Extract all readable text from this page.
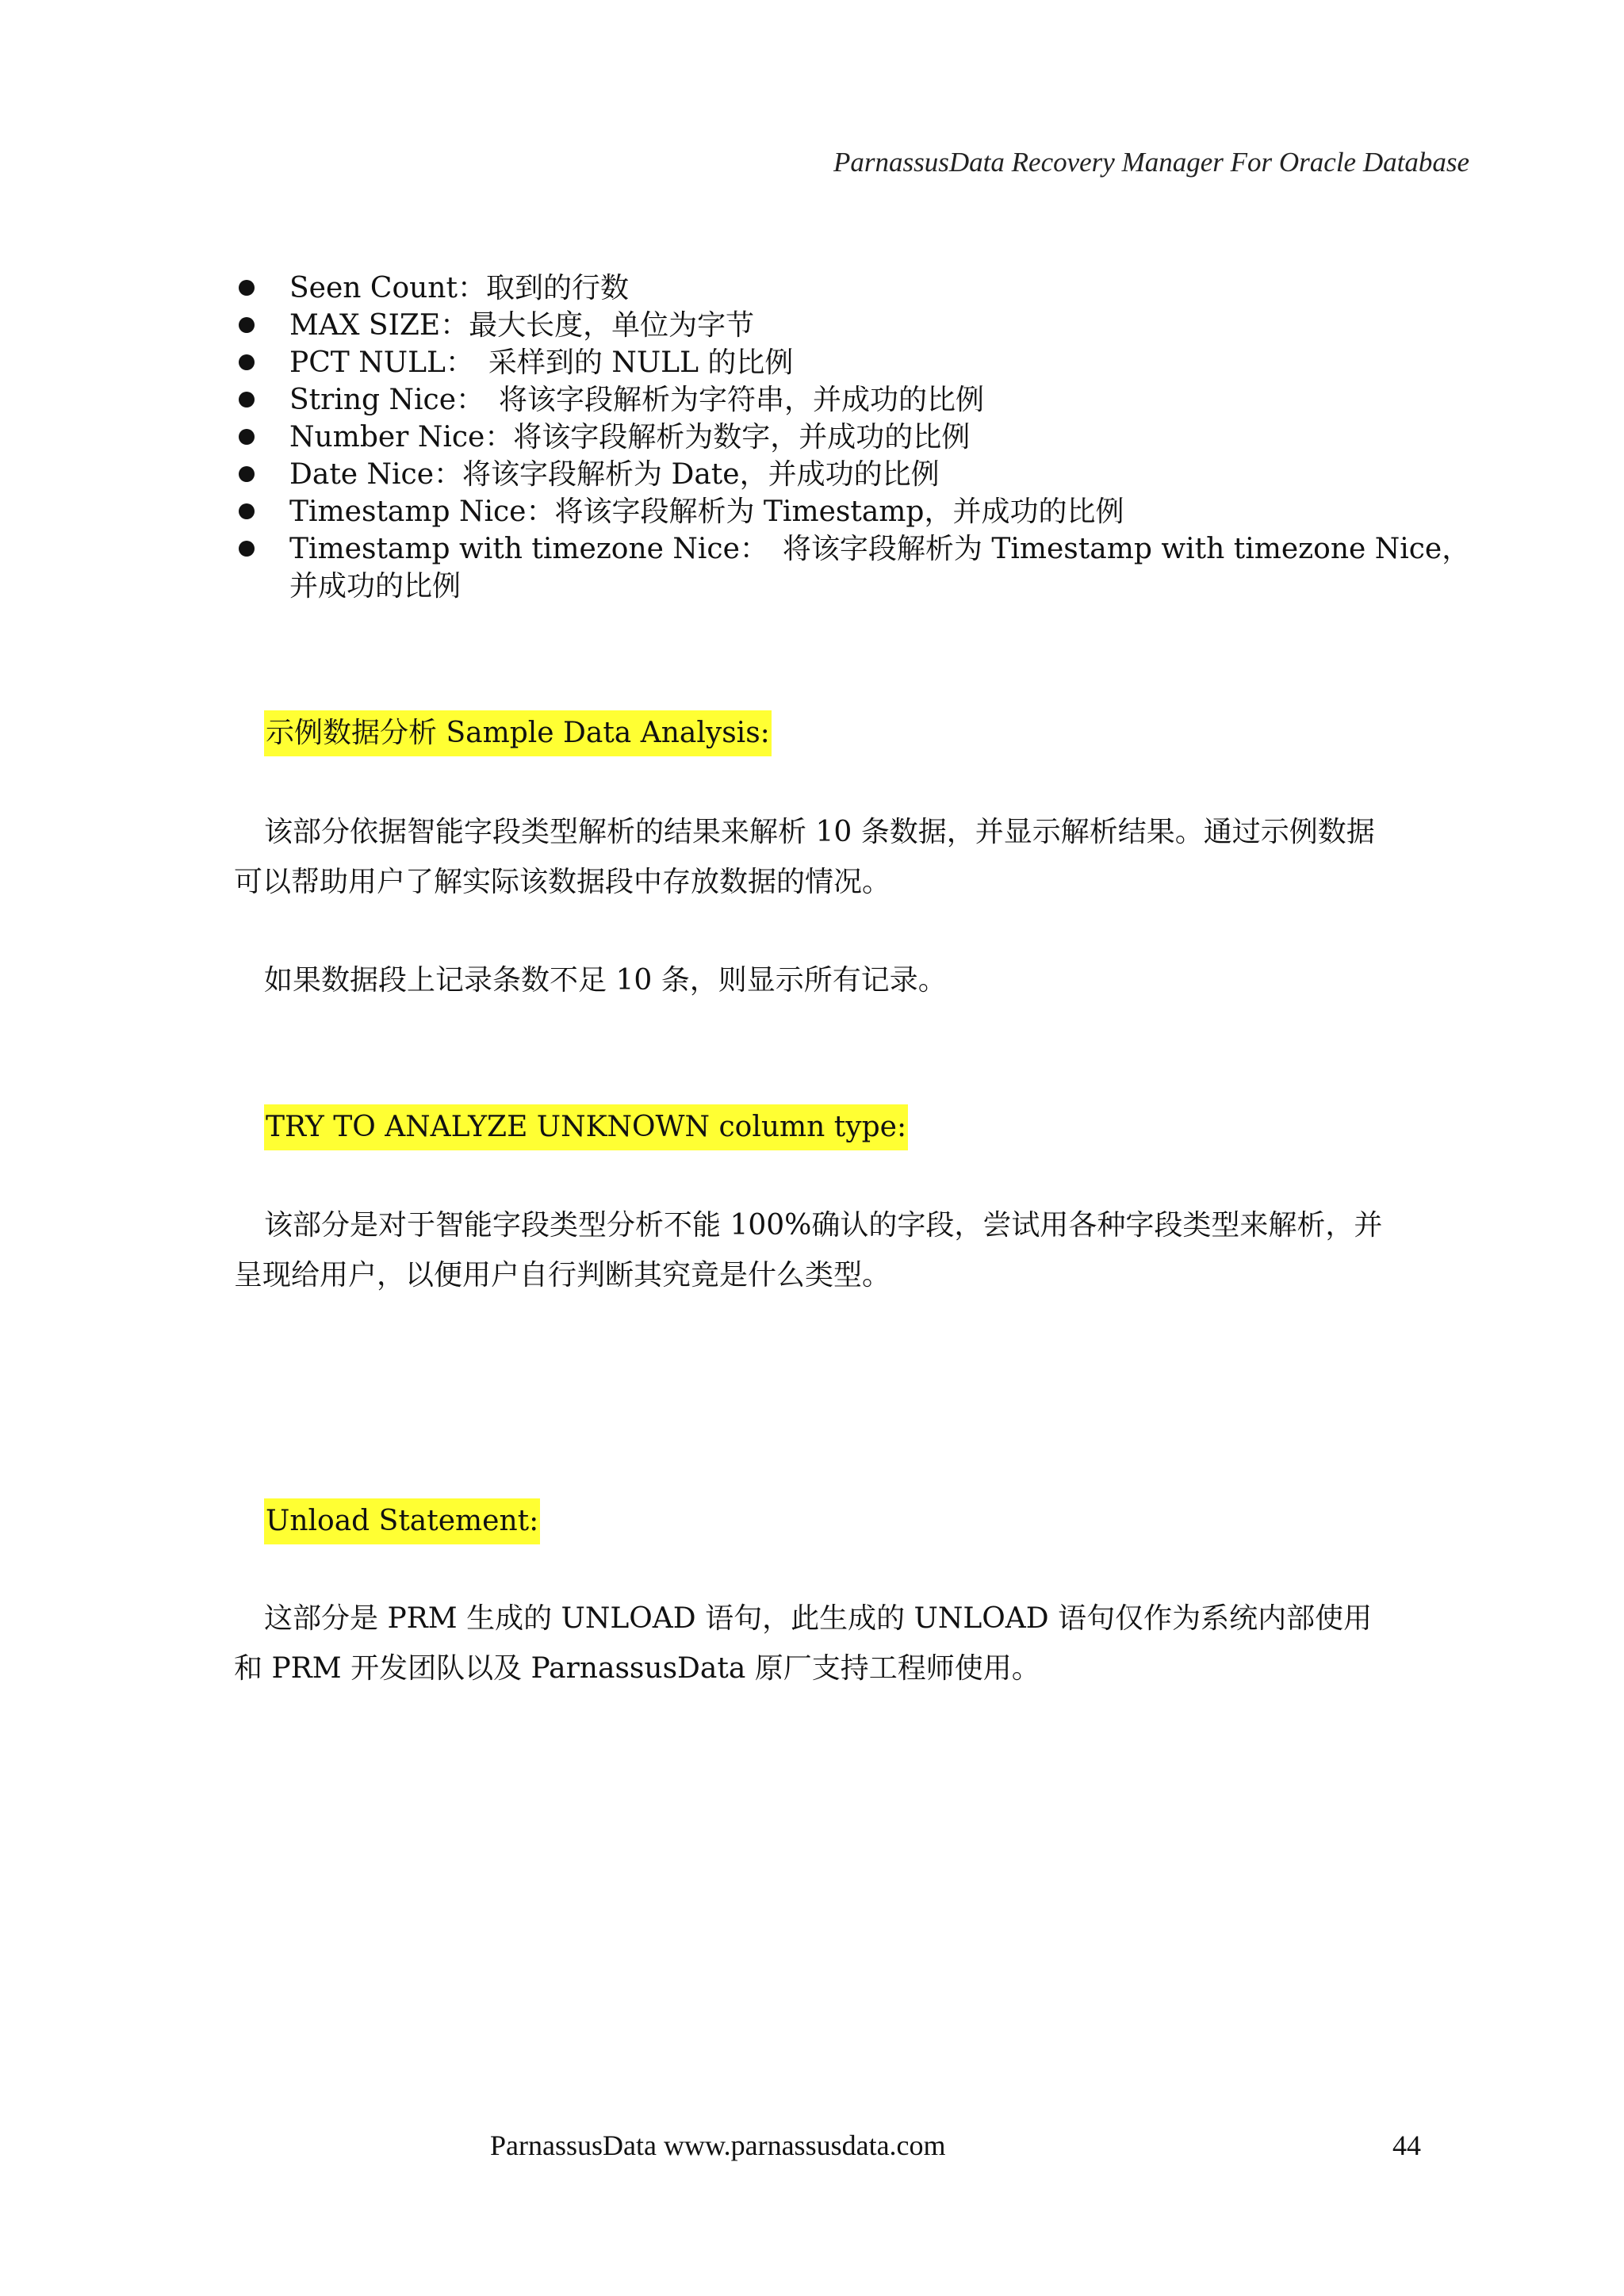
ParnassusData Recovery Manager For Oracle Database
Seen Count：取到的行数
MAX SIZE：最大长度，单位为字节
PCT NULL：　采样到的 NULL 的比例
String Nice：　将该字段解析为字符串，并成功的比例
Number Nice：将该字段解析为数字，并成功的比例
Date Nice：将该字段解析为 Date，并成功的比例
Timestamp Nice：将该字段解析为 Timestamp，并成功的比例
Timestamp with timezone Nice：　将该字段解析为 Timestamp with timezone Nice，并成功的比例
示例数据分析 Sample Data Analysis:

该部分依据智能字段类型解析的结果来解析 10 条数据，并显示解析结果。通过示例数据可以帮助用户了解实际该数据段中存放数据的情况。

如果数据段上记录条数不足 10 条，则显示所有记录。

TRY TO ANALYZE UNKNOWN column type:

该部分是对于智能字段类型分析不能 100%确认的字段，尝试用各种字段类型来解析，并呈现给用户，以便用户自行判断其究竟是什么类型。

Unload Statement:

这部分是 PRM 生成的 UNLOAD 语句，此生成的 UNLOAD 语句仅作为系统内部使用和 PRM 开发团队以及 ParnassusData 原厂支持工程师使用。

ParnassusData www.parnassusdata.com	44
